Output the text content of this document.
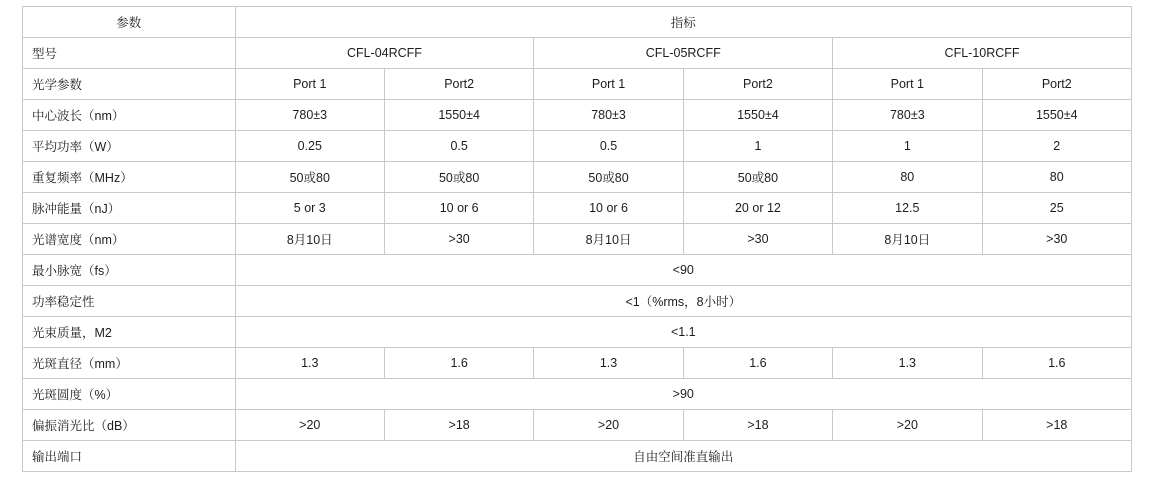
参数	指标					
型号	CFL-04RCFF		CFL-05RCFF		CFL-10RCFF	
光学参数	Port 1	Port2	Port 1	Port2	Port 1	Port2
中心波长（nm）	780±3	1550±4	780±3	1550±4	780±3	1550±4
平均功率（W）	0.25	0.5	0.5	1	1	2
重复频率（MHz）	50或80	50或80	50或80	50或80	80	80
脉冲能量（nJ）	5 or 3	10 or 6	10 or 6	20 or 12	12.5	25
光谱宽度（nm）	8月10日	>30	8月10日	>30	8月10日	>30
最小脉宽（fs）	<90					
功率稳定性	<1（%rms，8小时）					
光束质量，M2	<1.1					
光斑直径（mm）	1.3	1.6	1.3	1.6	1.3	1.6
光斑圆度（%）	>90					
偏振消光比（dB）	>20	>18	>20	>18	>20	>18
输出端口	自由空间准直输出					
